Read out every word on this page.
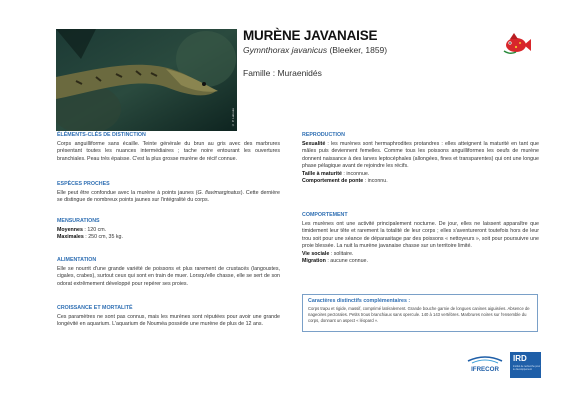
© P. Laboute
MURÈNE JAVANAISE
Gymnthorax javanicus (Bleeker, 1859)
Famille : Muraenidés
ÉLÉMENTS-CLÉS DE DISTINCTION
Corps anguilliforme sans écaille. Teinte générale du brun au gris avec des marbrures présentant toutes les nuances intermédiaires ; tache noire entourant les ouvertures branchiales. Peau très épaisse. C'est la plus grosse murène de récif connue.
ESPÈCES PROCHES
Elle peut être confondue avec la murène à points jaunes (G. flavimarginatus). Cette dernière se distingue de nombreux points jaunes sur l'intégralité du corps.
MENSURATIONS
Moyennes : 120 cm.
Maximales : 250 cm, 35 kg.
ALIMENTATION
Elle se nourrit d'une grande variété de poissons et plus rarement de crustacés (langoustes, cigales, crabes), surtout ceux qui sont en train de muer. Lorsqu'elle chasse, elle se sert de son odorat extrêmement développé pour repérer ses proies.
CROISSANCE ET MORTALITÉ
Ces paramètres ne sont pas connus, mais les murènes sont réputées pour avoir une grande longévité en aquarium. L'aquarium de Nouméa possède une murène de plus de 12 ans.
REPRODUCTION
Sexualité : les murènes sont hermaphrodites protandres : elles atteignent la maturité en tant que mâles puis deviennent femelles. Comme tous les poissons anguilliformes les oeufs de murène donnent naissance à des larves leptocéphales (allongées, fines et transparentes) qui ont une longue phase pélagique avant de rejoindre les récifs.
Taille à maturité : inconnue.
Comportement de ponte : inconnu.
COMPORTEMENT
Les murènes ont une activité principalement nocturne. De jour, elles ne laissent apparaître que timidement leur tête et rarement la totalité de leur corps ; elles s'aventureront toutefois hors de leur trou soit pour une séance de déparasitage par des poissons « nettoyeurs », soit pour poursuivre une proie blessée. La nuit la murène javanaise chasse sur un territoire limité.
Vie sociale : solitaire.
Migration : aucune connue.
Caractères distinctifs complémentaires :
Corps trapu et rigide, massif, comprimé latéralement. Grande bouche garnie de longues canines aiguisées. Absence de nageoires pectorales. Petits trous branchiaux sans opercule. 140 à 143 vertèbres. Marbrures noires sur l'ensemble du corps, donnant un aspect « léopard ».
IFRECOR
IRD
Institut de recherche pour le développement
